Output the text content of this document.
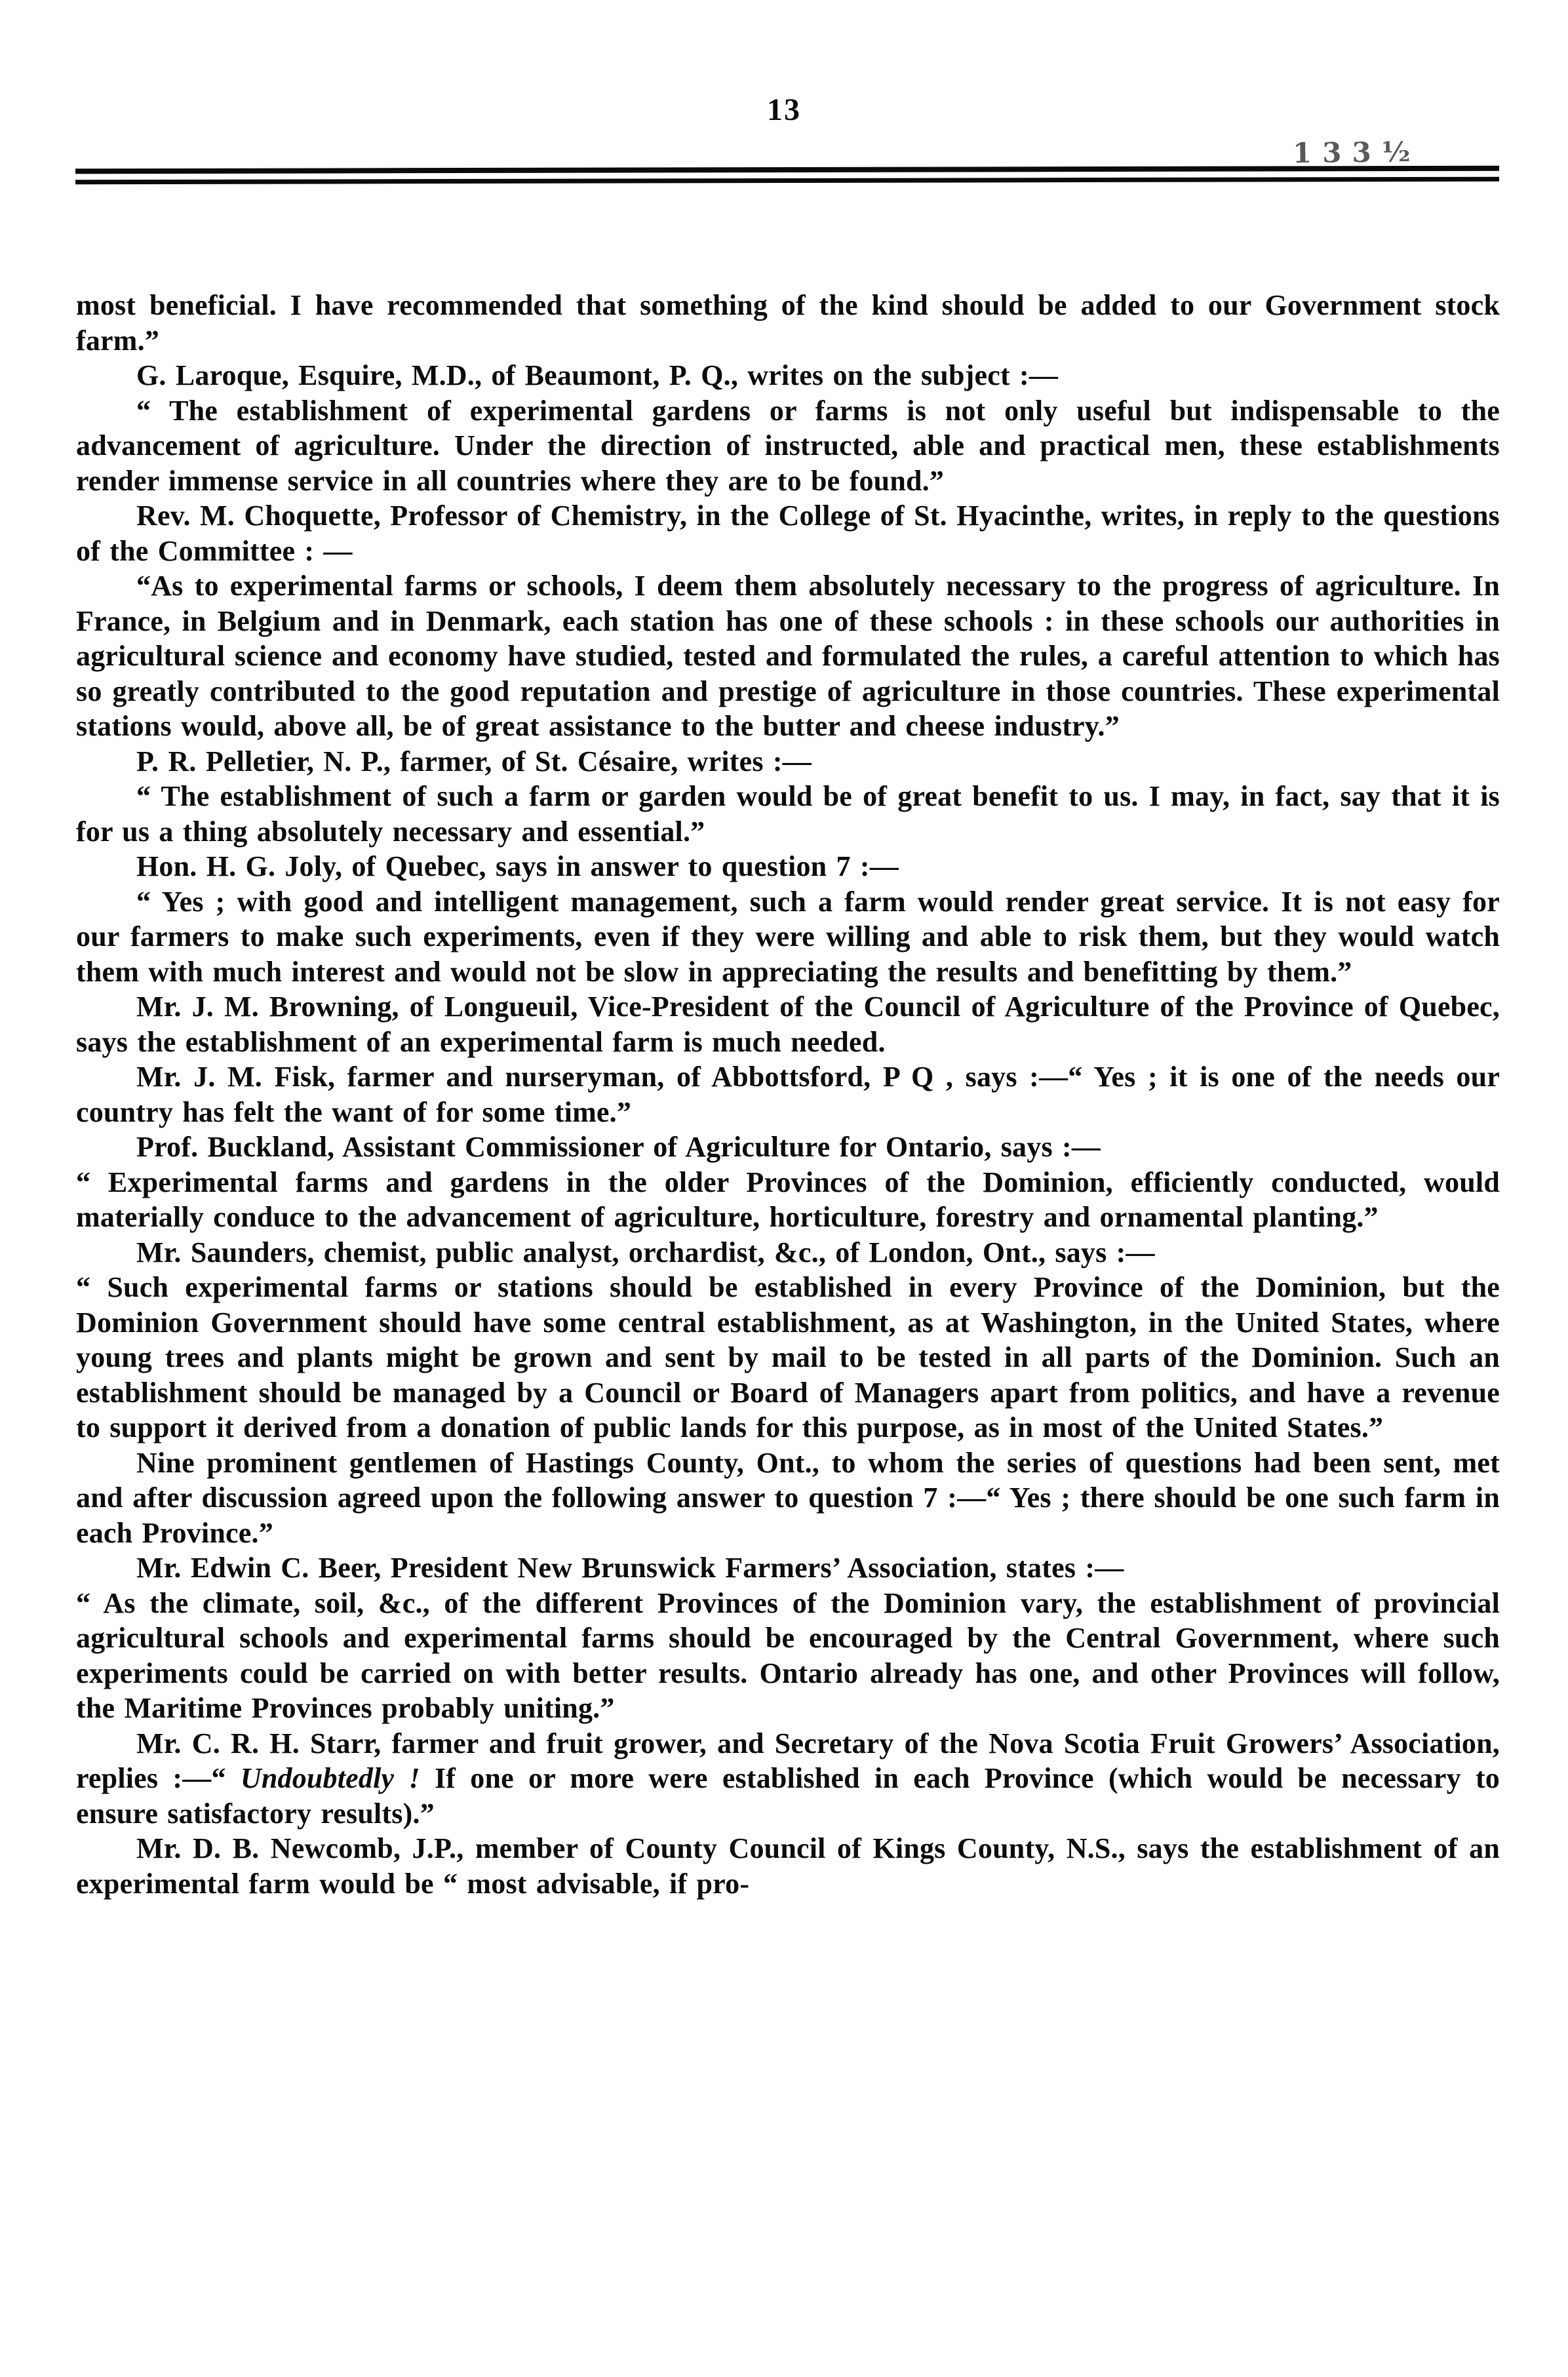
13
133½

most beneficial. I have recommended that something of the kind should be added to our Government stock farm.”

G. Laroque, Esquire, M.D., of Beaumont, P. Q., writes on the subject :—

“ The establishment of experimental gardens or farms is not only useful but indispensable to the advancement of agriculture. Under the direction of instructed, able and practical men, these establishments render immense service in all countries where they are to be found.”

Rev. M. Choquette, Professor of Chemistry, in the College of St. Hyacinthe, writes, in reply to the questions of the Committee : —

“As to experimental farms or schools, I deem them absolutely necessary to the progress of agriculture. In France, in Belgium and in Denmark, each station has one of these schools : in these schools our authorities in agricultural science and economy have studied, tested and formulated the rules, a careful attention to which has so greatly contributed to the good reputation and prestige of agriculture in those countries. These experimental stations would, above all, be of great assistance to the butter and cheese industry.”

P. R. Pelletier, N. P., farmer, of St. Césaire, writes :—

“ The establishment of such a farm or garden would be of great benefit to us. I may, in fact, say that it is for us a thing absolutely necessary and essential.”

Hon. H. G. Joly, of Quebec, says in answer to question 7 :—

“ Yes ; with good and intelligent management, such a farm would render great service. It is not easy for our farmers to make such experiments, even if they were willing and able to risk them, but they would watch them with much interest and would not be slow in appreciating the results and benefitting by them.”

Mr. J. M. Browning, of Longueuil, Vice-President of the Council of Agriculture of the Province of Quebec, says the establishment of an experimental farm is much needed.

Mr. J. M. Fisk, farmer and nurseryman, of Abbottsford, P Q , says :—“ Yes ; it is one of the needs our country has felt the want of for some time.”

Prof. Buckland, Assistant Commissioner of Agriculture for Ontario, says :—

“ Experimental farms and gardens in the older Provinces of the Dominion, efficiently conducted, would materially conduce to the advancement of agriculture, horticulture, forestry and ornamental planting.”

Mr. Saunders, chemist, public analyst, orchardist, &c., of London, Ont., says :—

“ Such experimental farms or stations should be established in every Province of the Dominion, but the Dominion Government should have some central establishment, as at Washington, in the United States, where young trees and plants might be grown and sent by mail to be tested in all parts of the Dominion. Such an establishment should be managed by a Council or Board of Managers apart from politics, and have a revenue to support it derived from a donation of public lands for this purpose, as in most of the United States.”

Nine prominent gentlemen of Hastings County, Ont., to whom the series of questions had been sent, met and after discussion agreed upon the following answer to question 7 :—“ Yes ; there should be one such farm in each Province.”

Mr. Edwin C. Beer, President New Brunswick Farmers’ Association, states :—

“ As the climate, soil, &c., of the different Provinces of the Dominion vary, the establishment of provincial agricultural schools and experimental farms should be encouraged by the Central Government, where such experiments could be carried on with better results. Ontario already has one, and other Provinces will follow, the Maritime Provinces probably uniting.”

Mr. C. R. H. Starr, farmer and fruit grower, and Secretary of the Nova Scotia Fruit Growers’ Association, replies :—“ Undoubtedly ! If one or more were established in each Province (which would be necessary to ensure satisfactory results).”

Mr. D. B. Newcomb, J.P., member of County Council of Kings County, N.S., says the establishment of an experimental farm would be “ most advisable, if pro-
